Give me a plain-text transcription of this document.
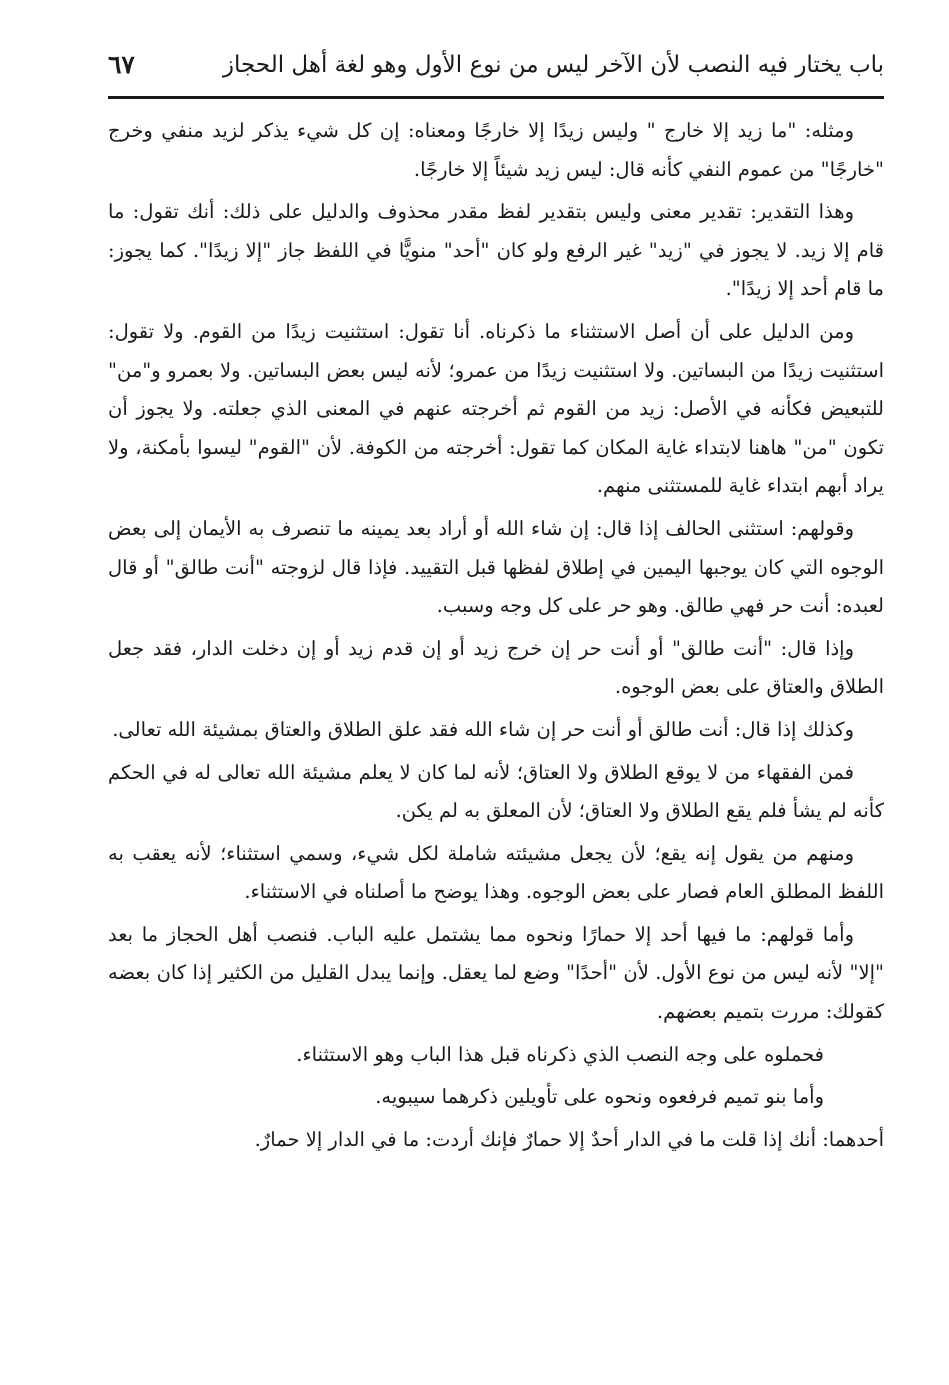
باب يختار فيه النصب لأن الآخر ليس من نوع الأول وهو لغة أهل الحجاز
٦٧

ومثله: "ما زيد إلا خارج " وليس زيدًا إلا خارجًا ومعناه: إن كل شيء يذكر لزيد منفي وخرج "خارجًا" من عموم النفي كأنه قال: ليس زيد شيئاً إلا خارجًا.

وهذا التقدير: تقدير معنى وليس بتقدير لفظ مقدر محذوف والدليل على ذلك: أنك تقول: ما قام إلا زيد. لا يجوز في "زيد" غير الرفع ولو كان "أحد" منويًّا في اللفظ جاز "إلا زيدًا". كما يجوز: ما قام أحد إلا زيدًا".

ومن الدليل على أن أصل الاستثناء ما ذكرناه. أنا تقول: استثنيت زيدًا من القوم. ولا تقول: استثنيت زيدًا من البساتين. ولا استثنيت زيدًا من عمرو؛ لأنه ليس بعض البساتين. ولا بعمرو و"من" للتبعيض فكأنه في الأصل: زيد من القوم ثم أخرجته عنهم في المعنى الذي جعلته. ولا يجوز أن تكون "من" هاهنا لابتداء غاية المكان كما تقول: أخرجته من الكوفة. لأن "القوم" ليسوا بأمكنة، ولا يراد أبهم ابتداء غاية للمستثنى منهم.

وقولهم: استثنى الحالف إذا قال: إن شاء الله أو أراد بعد يمينه ما تنصرف به الأيمان إلى بعض الوجوه التي كان يوجبها اليمين في إطلاق لفظها قبل التقييد. فإذا قال لزوجته "أنت طالق" أو قال لعبده: أنت حر فهي طالق. وهو حر على كل وجه وسبب.

وإذا قال: "أنت طالق" أو أنت حر إن خرج زيد أو إن قدم زيد أو إن دخلت الدار، فقد جعل الطلاق والعتاق على بعض الوجوه.

وكذلك إذا قال: أنت طالق أو أنت حر إن شاء الله فقد علق الطلاق والعتاق بمشيئة الله تعالى.

فمن الفقهاء من لا يوقع الطلاق ولا العتاق؛ لأنه لما كان لا يعلم مشيئة الله تعالى له في الحكم كأنه لم يشأ فلم يقع الطلاق ولا العتاق؛ لأن المعلق به لم يكن.

ومنهم من يقول إنه يقع؛ لأن يجعل مشيئته شاملة لكل شيء، وسمي استثناء؛ لأنه يعقب به اللفظ المطلق العام فصار على بعض الوجوه. وهذا يوضح ما أصلناه في الاستثناء.

وأما قولهم: ما فيها أحد إلا حمارًا ونحوه مما يشتمل عليه الباب. فنصب أهل الحجاز ما بعد "إلا" لأنه ليس من نوع الأول. لأن "أحدًا" وضع لما يعقل. وإنما يبدل القليل من الكثير إذا كان بعضه كقولك: مررت بتميم بعضهم.

فحملوه على وجه النصب الذي ذكرناه قبل هذا الباب وهو الاستثناء.

وأما بنو تميم فرفعوه ونحوه على تأويلين ذكرهما سيبويه.

أحدهما: أنك إذا قلت ما في الدار أحدٌ إلا حمارٌ فإنك أردت: ما في الدار إلا حمارٌ.
